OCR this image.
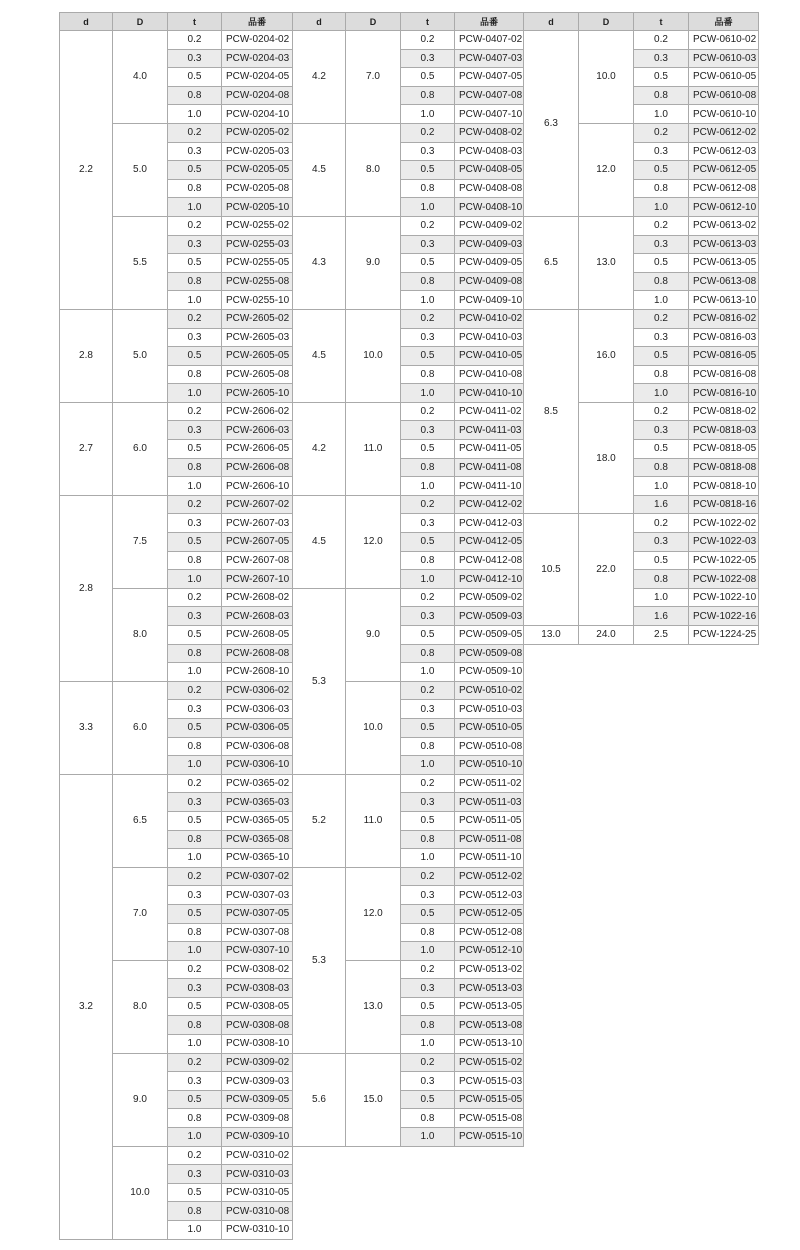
d	D	t	品番
2.2	4.0	0.2	PCW-0204-02
		0.3	PCW-0204-03
		0.5	PCW-0204-05
		0.8	PCW-0204-08
		1.0	PCW-0204-10
	5.0	0.2	PCW-0205-02
		0.3	PCW-0205-03
		0.5	PCW-0205-05
		0.8	PCW-0205-08
		1.0	PCW-0205-10
	5.5	0.2	PCW-0255-02
		0.3	PCW-0255-03
		0.5	PCW-0255-05
		0.8	PCW-0255-08
		1.0	PCW-0255-10
2.8	5.0	0.2	PCW-2605-02
		0.3	PCW-2605-03
		0.5	PCW-2605-05
		0.8	PCW-2605-08
		1.0	PCW-2605-10
2.7	6.0	0.2	PCW-2606-02
		0.3	PCW-2606-03
		0.5	PCW-2606-05
		0.8	PCW-2606-08
		1.0	PCW-2606-10
2.8	7.5	0.2	PCW-2607-02
		0.3	PCW-2607-03
		0.5	PCW-2607-05
		0.8	PCW-2607-08
		1.0	PCW-2607-10
	8.0	0.2	PCW-2608-02
		0.3	PCW-2608-03
		0.5	PCW-2608-05
		0.8	PCW-2608-08
		1.0	PCW-2608-10
3.3	6.0	0.2	PCW-0306-02
		0.3	PCW-0306-03
		0.5	PCW-0306-05
		0.8	PCW-0306-08
		1.0	PCW-0306-10
3.2	6.5	0.2	PCW-0365-02
		0.3	PCW-0365-03
		0.5	PCW-0365-05
		0.8	PCW-0365-08
		1.0	PCW-0365-10
	7.0	0.2	PCW-0307-02
		0.3	PCW-0307-03
		0.5	PCW-0307-05
		0.8	PCW-0307-08
		1.0	PCW-0307-10
	8.0	0.2	PCW-0308-02
		0.3	PCW-0308-03
		0.5	PCW-0308-05
		0.8	PCW-0308-08
		1.0	PCW-0308-10
	9.0	0.2	PCW-0309-02
		0.3	PCW-0309-03
		0.5	PCW-0309-05
		0.8	PCW-0309-08
		1.0	PCW-0309-10
	10.0	0.2	PCW-0310-02
		0.3	PCW-0310-03
		0.5	PCW-0310-05
		0.8	PCW-0310-08
		1.0	PCW-0310-10
d	D	t	品番
4.2	7.0	0.2	PCW-0407-02
		0.3	PCW-0407-03
		0.5	PCW-0407-05
		0.8	PCW-0407-08
		1.0	PCW-0407-10
4.5	8.0	0.2	PCW-0408-02
		0.3	PCW-0408-03
		0.5	PCW-0408-05
		0.8	PCW-0408-08
		1.0	PCW-0408-10
4.3	9.0	0.2	PCW-0409-02
		0.3	PCW-0409-03
		0.5	PCW-0409-05
		0.8	PCW-0409-08
		1.0	PCW-0409-10
4.5	10.0	0.2	PCW-0410-02
		0.3	PCW-0410-03
		0.5	PCW-0410-05
		0.8	PCW-0410-08
		1.0	PCW-0410-10
4.2	11.0	0.2	PCW-0411-02
		0.3	PCW-0411-03
		0.5	PCW-0411-05
		0.8	PCW-0411-08
		1.0	PCW-0411-10
4.5	12.0	0.2	PCW-0412-02
		0.3	PCW-0412-03
		0.5	PCW-0412-05
		0.8	PCW-0412-08
		1.0	PCW-0412-10
5.3	9.0	0.2	PCW-0509-02
		0.3	PCW-0509-03
		0.5	PCW-0509-05
		0.8	PCW-0509-08
		1.0	PCW-0509-10
	10.0	0.2	PCW-0510-02
		0.3	PCW-0510-03
		0.5	PCW-0510-05
		0.8	PCW-0510-08
		1.0	PCW-0510-10
5.2	11.0	0.2	PCW-0511-02
		0.3	PCW-0511-03
		0.5	PCW-0511-05
		0.8	PCW-0511-08
		1.0	PCW-0511-10
5.3	12.0	0.2	PCW-0512-02
		0.3	PCW-0512-03
		0.5	PCW-0512-05
		0.8	PCW-0512-08
		1.0	PCW-0512-10
	13.0	0.2	PCW-0513-02
		0.3	PCW-0513-03
		0.5	PCW-0513-05
		0.8	PCW-0513-08
		1.0	PCW-0513-10
5.6	15.0	0.2	PCW-0515-02
		0.3	PCW-0515-03
		0.5	PCW-0515-05
		0.8	PCW-0515-08
		1.0	PCW-0515-10
d	D	t	品番
6.3	10.0	0.2	PCW-0610-02
		0.3	PCW-0610-03
		0.5	PCW-0610-05
		0.8	PCW-0610-08
		1.0	PCW-0610-10
	12.0	0.2	PCW-0612-02
		0.3	PCW-0612-03
		0.5	PCW-0612-05
		0.8	PCW-0612-08
		1.0	PCW-0612-10
6.5	13.0	0.2	PCW-0613-02
		0.3	PCW-0613-03
		0.5	PCW-0613-05
		0.8	PCW-0613-08
		1.0	PCW-0613-10
8.5	16.0	0.2	PCW-0816-02
		0.3	PCW-0816-03
		0.5	PCW-0816-05
		0.8	PCW-0816-08
		1.0	PCW-0816-10
	18.0	0.2	PCW-0818-02
		0.3	PCW-0818-03
		0.5	PCW-0818-05
		0.8	PCW-0818-08
		1.0	PCW-0818-10
		1.6	PCW-0818-16
10.5	22.0	0.2	PCW-1022-02
		0.3	PCW-1022-03
		0.5	PCW-1022-05
		0.8	PCW-1022-08
		1.0	PCW-1022-10
		1.6	PCW-1022-16
13.0	24.0	2.5	PCW-1224-25
